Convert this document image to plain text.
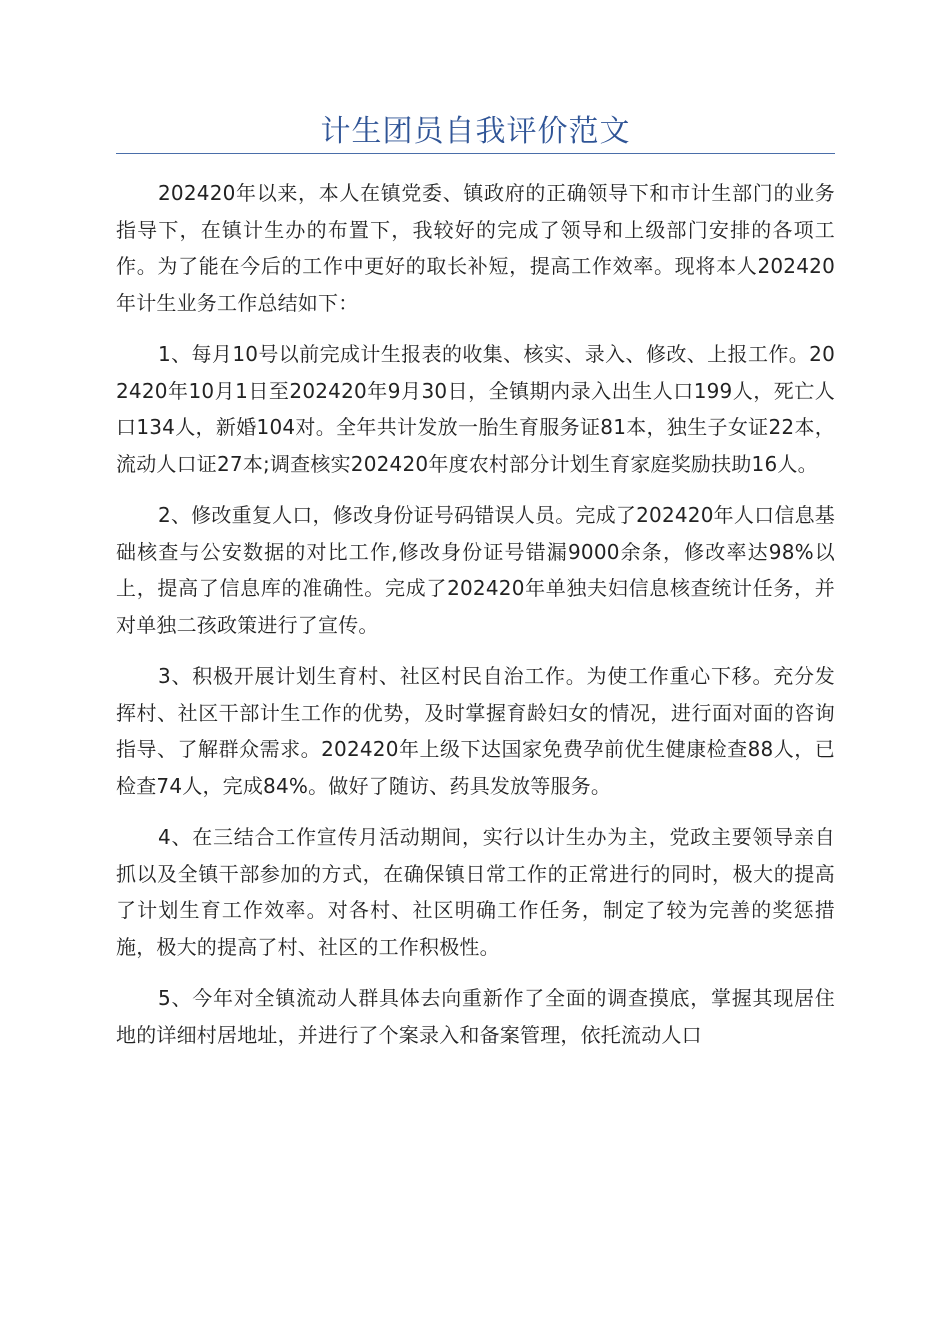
计生团员自我评价范文

202420年以来，本人在镇党委、镇政府的正确领导下和市计生部门的业务指导下，在镇计生办的布置下，我较好的完成了领导和上级部门安排的各项工作。为了能在今后的工作中更好的取长补短，提高工作效率。现将本人202420年计生业务工作总结如下：

1、每月10号以前完成计生报表的收集、核实、录入、修改、上报工作。202420年10月1日至202420年9月30日，全镇期内录入出生人口199人，死亡人口134人，新婚104对。全年共计发放一胎生育服务证81本，独生子女证22本，流动人口证27本;调查核实202420年度农村部分计划生育家庭奖励扶助16人。

2、修改重复人口，修改身份证号码错误人员。完成了202420年人口信息基础核查与公安数据的对比工作,修改身份证号错漏9000余条，修改率达98%以上，提高了信息库的准确性。完成了202420年单独夫妇信息核查统计任务，并对单独二孩政策进行了宣传。

3、积极开展计划生育村、社区村民自治工作。为使工作重心下移。充分发挥村、社区干部计生工作的优势，及时掌握育龄妇女的情况，进行面对面的咨询指导、了解群众需求。202420年上级下达国家免费孕前优生健康检查88人，已检查74人，完成84%。做好了随访、药具发放等服务。

4、在三结合工作宣传月活动期间，实行以计生办为主，党政主要领导亲自抓以及全镇干部参加的方式，在确保镇日常工作的正常进行的同时，极大的提高了计划生育工作效率。对各村、社区明确工作任务，制定了较为完善的奖惩措施，极大的提高了村、社区的工作积极性。

5、今年对全镇流动人群具体去向重新作了全面的调查摸底，掌握其现居住地的详细村居地址，并进行了个案录入和备案管理，依托流动人口
